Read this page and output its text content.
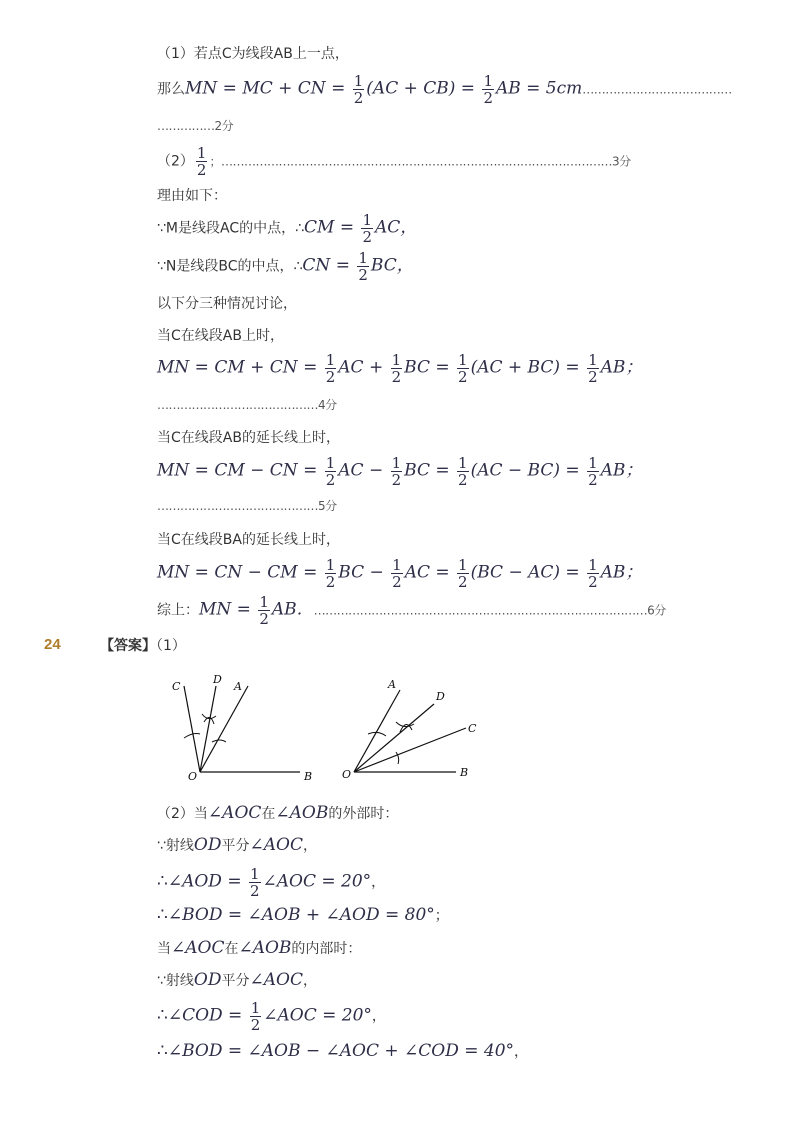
（1）若点C为线段AB上一点，
那么MN = MC + CN = $\frac{1}{2} (AC + CB) = \frac{1}{2}$ AB = 5cm…………………………………
……………2分
$(2) \frac{1}{2}$ ；…………………………………………………………………………………………3分
理由如下：
∵M是线段AC的中点，∴CM = $\frac{1}{2}$ AC，
∵N是线段BC的中点，∴CN = $\frac{1}{2}$ BC，
以下分三种情况讨论，
当C在线段AB上时，
MN = CM + CN = $\frac{1}{2}$ AC + $\frac{1}{2}$ BC = $\frac{1}{2} (AC + BC) = \frac{1}{2}$ AB；
……………………………………4分
当C在线段AB的延长线上时，
MN = CM − CN = $\frac{1}{2}$ AC − $\frac{1}{2}$ BC = $\frac{1}{2} (AC - BC) = \frac{1}{2}$ AB；
……………………………………5分
当C在线段BA的延长线上时，
MN = CN − CM = $\frac{1}{2}$ BC − $\frac{1}{2}$ AC = $\frac{1}{2} (BC - AC) = \frac{1}{2}$ AB；
综上：MN = $\frac{1}{2}$ AB．……………………………………………………………………………6分
24	【答案】（1）
C
D
A
O	B
A
D
C
O	B
（2）当∠AOC在∠AOB的外部时：
∵射线OD平分∠AOC，
∴∠AOD = $\frac{1}{2}$ ∠AOC = 20°，
∴∠BOD = ∠AOB + ∠AOD = 80°；
当∠AOC在∠AOB的内部时：
∵射线OD平分∠AOC，
∴∠COD = $\frac{1}{2}$ ∠AOC = 20°，
∴∠BOD = ∠AOB − ∠AOC + ∠COD = 40°，
